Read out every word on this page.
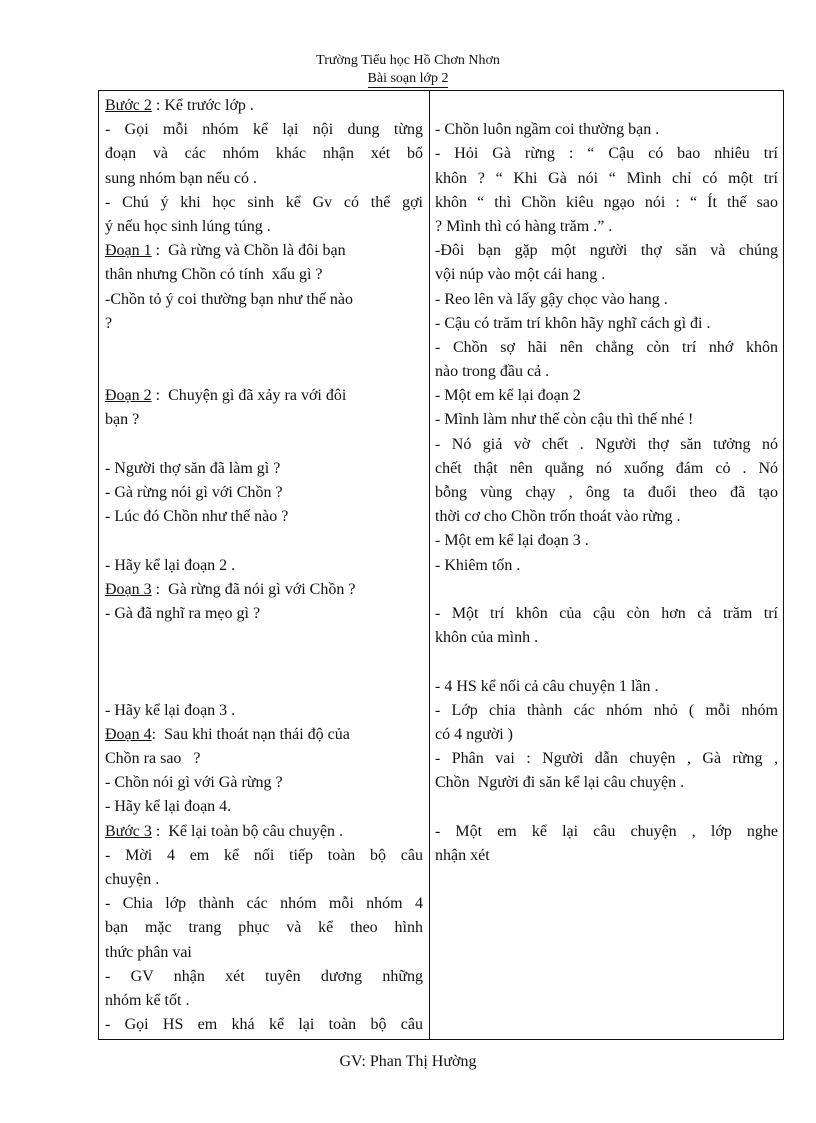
Trường Tiểu học Hồ Chơn Nhơn
Bài soạn lớp 2
Bước 2 : Kể trước lớp .
- Gọi mỗi nhóm kể lại nội dung từng
đoạn và các nhóm khác nhận xét bổ
sung nhóm bạn nếu có .
- Chú ý khi học sinh kể Gv có thể gợi
ý nếu học sinh lúng túng .
Đoạn 1 :  Gà rừng và Chồn là đôi bạn
thân nhưng Chồn có tính  xấu gì ?
-Chồn tỏ ý coi thường bạn như thế nào
?
Đoạn 2 :  Chuyện gì đã xảy ra với đôi
bạn ?
- Người thợ săn đã làm gì ?
- Gà rừng nói gì với Chồn ?
- Lúc đó Chồn như thế nào ?
- Hãy kể lại đoạn 2 .
Đoạn 3 :  Gà rừng đã nói gì với Chồn ?
- Gà đã nghĩ ra mẹo gì ?
- Hãy kể lại đoạn 3 .
Đoạn 4:  Sau khi thoát nạn thái độ của
Chồn ra sao   ?
- Chồn nói gì với Gà rừng ?
- Hãy kể lại đoạn 4.
Bước 3 :  Kể lại toàn bộ câu chuyện .
- Mời 4 em kể nối tiếp toàn bộ câu
chuyện .
- Chia lớp thành các nhóm mỗi nhóm 4
bạn mặc trang phục và kể theo hình
thức phân vai
- GV nhận xét tuyên dương những
nhóm kể tốt .
- Gọi HS em khá kể lại toàn bộ câu
- Chồn luôn ngầm coi thường bạn .
- Hỏi Gà rừng : “ Cậu có bao nhiêu trí
khôn ? “ Khi Gà nói “ Mình chỉ có một trí
khôn “ thì Chồn kiêu ngạo nói : “ Ít thế sao
? Mình thì có hàng trăm .” .
-Đôi bạn gặp một người thợ săn và chúng
vội núp vào một cái hang .
- Reo lên và lấy gậy chọc vào hang .
- Cậu có trăm trí khôn hãy nghĩ cách gì đi .
- Chồn sợ hãi nên chẳng còn trí nhớ khôn
nào trong đầu cả .
- Một em kể lại đoạn 2
- Mình làm như thế còn cậu thì thế nhé !
- Nó giả vờ chết . Người thợ săn tưởng nó
chết thật nên quẳng nó xuống đám cỏ . Nó
bỗng vùng chạy , ông ta đuổi theo đã tạo
thời cơ cho Chồn trốn thoát vào rừng .
- Một em kể lại đoạn 3 .
- Khiêm tốn .
- Một trí khôn của cậu còn hơn cả trăm trí
khôn của mình .
- 4 HS kể nối cả câu chuyện 1 lần .
- Lớp chia thành các nhóm nhỏ ( mỗi nhóm
có 4 người )
- Phân vai : Người dẫn chuyện , Gà rừng ,
Chồn  Người đi săn kể lại câu chuyện .
- Một em kể lại câu chuyện , lớp nghe
nhận xét
GV: Phan Thị Hường
